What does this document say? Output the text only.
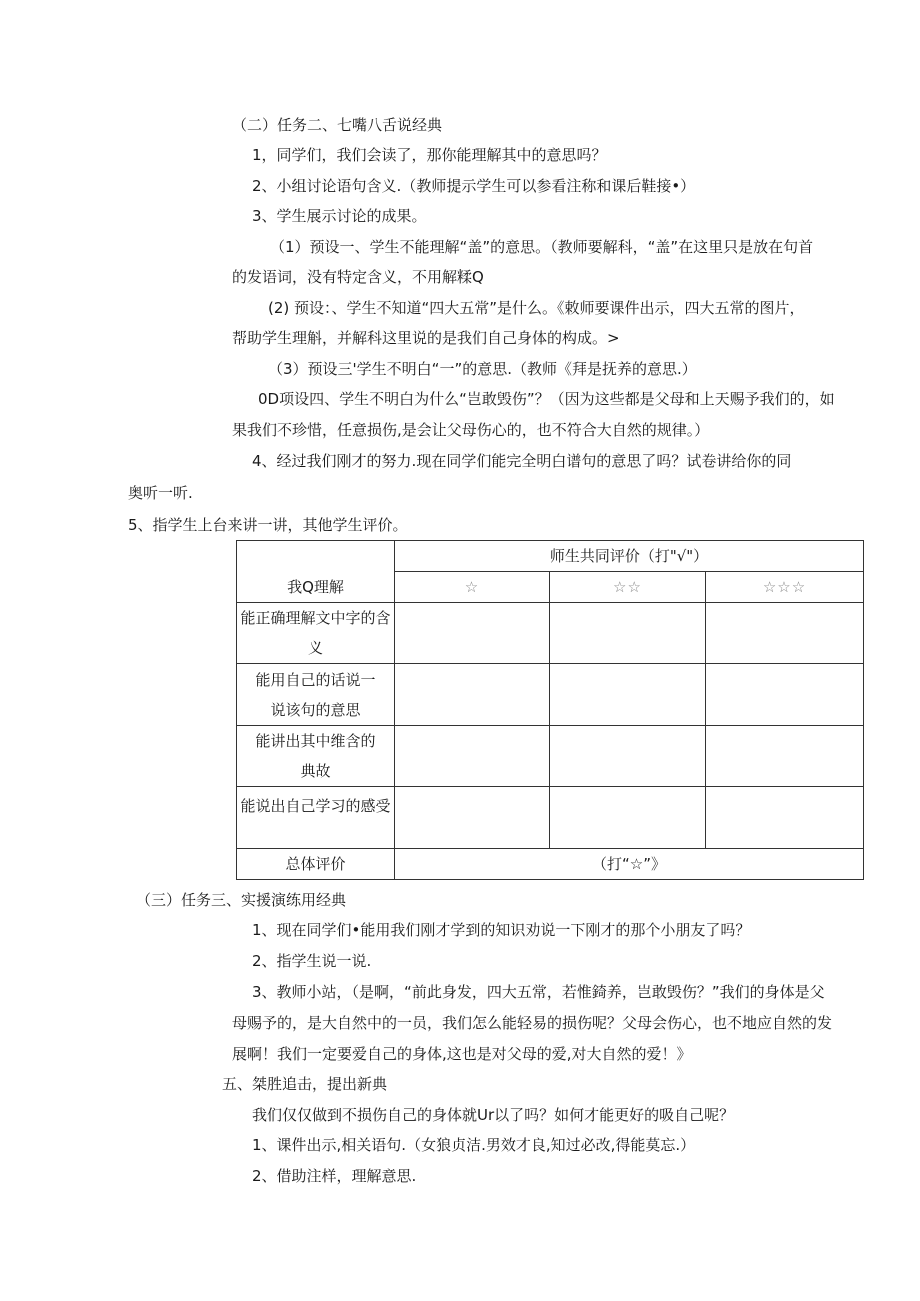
（二）任务二、七嘴八舌说经典
1，同学们，我们会读了，那你能理解其中的意思吗？
2、小组讨论语句含义.（教师提示学生可以参看注称和课后鞋接•）
3、学生展示讨论的成果。
（1）预设一、学生不能理解“盖”的意思。（教师要解科，“盖”在这里只是放在句首
的发语词，没有特定含义，不用解糅Q
(2) 预设：、学生不知道“四大五常”是什么。《敕师要课件出示，四大五常的图片，
帮助学生理斛，并解科这里说的是我们自己身体的构成。>
（3）预设三'学生不明白“一”的意思.（教师《拜是抚养的意思.）
0D项设四、学生不明白为什么“岂敢毁伤”？（因为这些都是父母和上天赐予我们的，如
果我们不珍惜，任意损伤,是会让父母伤心的，也不符合大自然的规律。）
4、经过我们刚才的努力.现在同学们能完全明白谱句的意思了吗？试卷讲给你的同
奥听一听.
5、指学生上台来讲一讲，其他学生评价。
我Q理解	师生共同评价（打"√"）		
	☆	☆☆	☆☆☆

能正确理解文中字的含
义			

能用自己的话说一
说该句的意思			

能讲出其中维含的
典故			

能说出自己学习的感受			

总体评价	（打“☆”》		
（三）任务三、实援演练用经典
1、现在同学们•能用我们刚才学到的知识劝说一下刚才的那个小朋友了吗？
2、指学生说一说.
3、教师小站，（是啊，“前此身发，四大五常，若惟錡养，岂敢毁伤？”我们的身体是父
母赐予的，是大自然中的一员，我们怎么能轻易的损伤呢？父母会伤心，也不地应自然的发
展啊！我们一定要爱自己的身体,这也是对父母的爱,对大自然的爱！》
五、桀胜追击，提出新典
我们仅仅做到不损伤自己的身体就Ur以了吗？如何才能更好的吸自己呢？
1、课件出示,相关语句.（女狼贞洁.男效才良,知过必改,得能莫忘.）
2、借助注样，理解意思.
